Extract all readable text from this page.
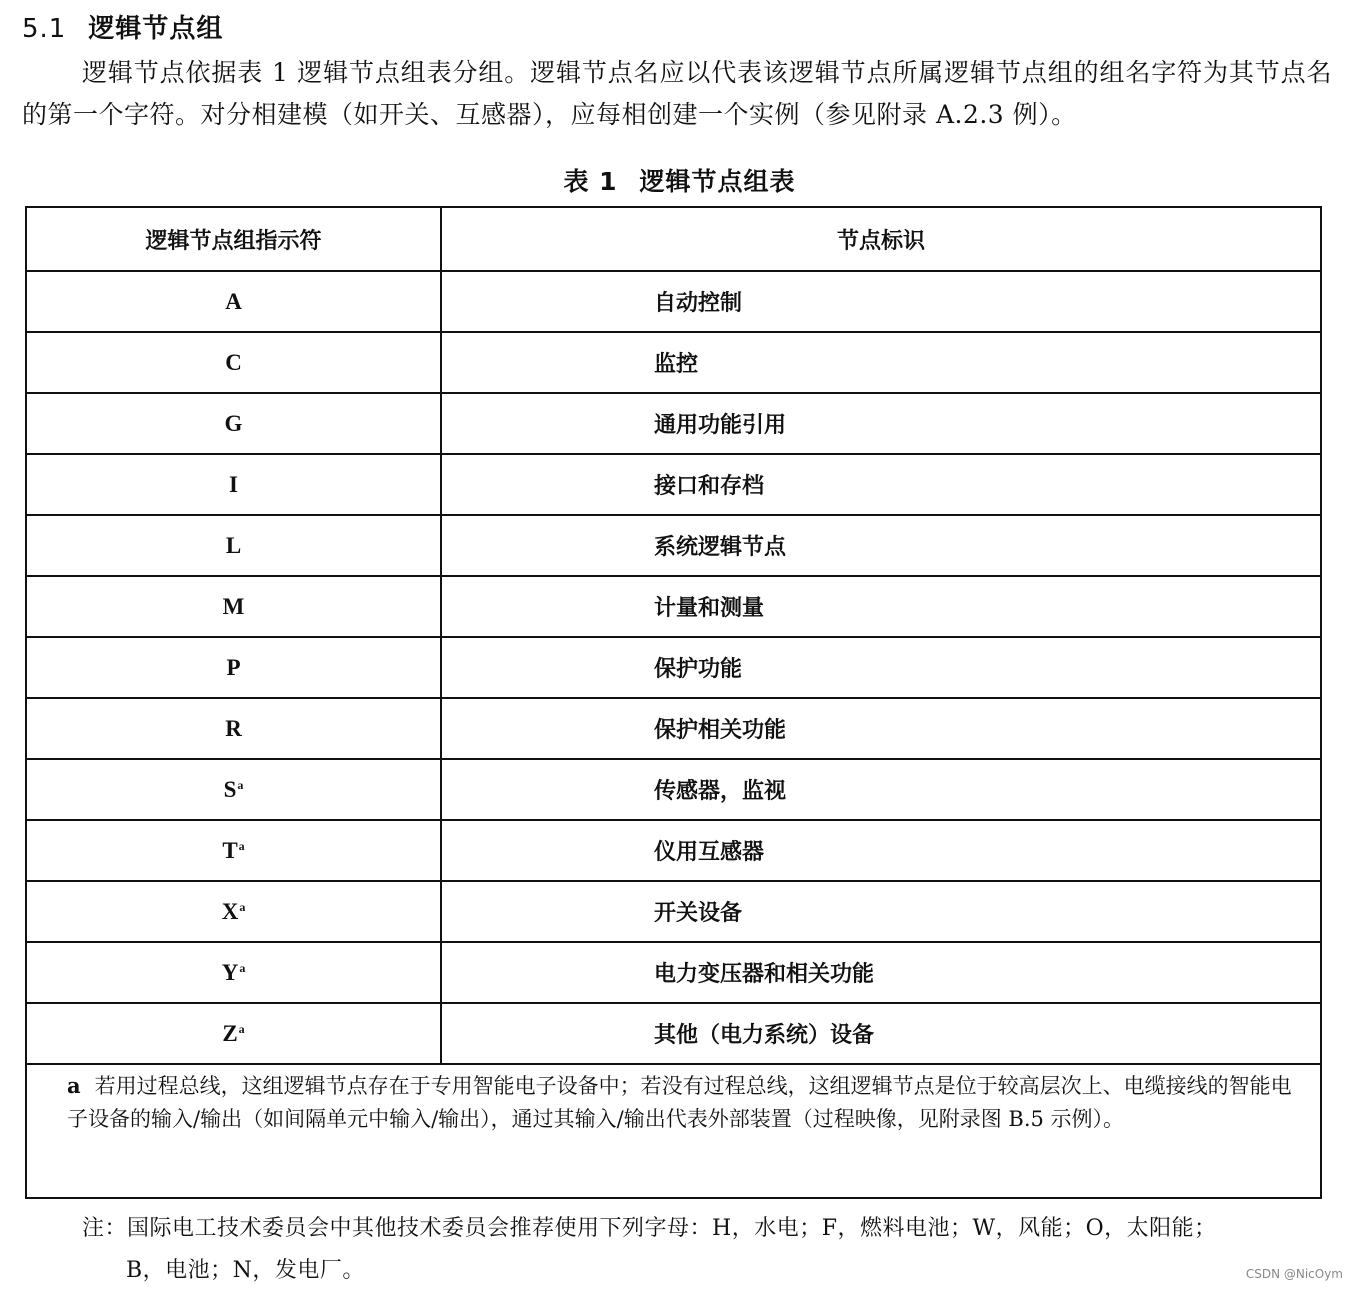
5.1 逻辑节点组
逻辑节点依据表 1 逻辑节点组表分组。逻辑节点名应以代表该逻辑节点所属逻辑节点组的组名字符为其节点名的第一个字符。对分相建模（如开关、互感器），应每相创建一个实例（参见附录 A.2.3 例）。
表 1 逻辑节点组表
逻辑节点组指示符	节点标识
A	自动控制
C	监控
G	通用功能引用
I	接口和存档
L	系统逻辑节点
M	计量和测量
P	保护功能
R	保护相关功能
$S^a$	传感器，监视
$T^a$	仪用互感器
$X^a$	开关设备
$Y^a$	电力变压器和相关功能
$Z^a$	其他（电力系统）设备
a 若用过程总线，这组逻辑节点存在于专用智能电子设备中；若没有过程总线，这组逻辑节点是位于较高层次上、电缆接线的智能电子设备的输入/输出（如间隔单元中输入/输出），通过其输入/输出代表外部装置（过程映像，见附录图 B.5 示例）。	
注：国际电工技术委员会中其他技术委员会推荐使用下列字母：H，水电；F，燃料电池；W，风能；O，太阳能；
B，电池；N，发电厂。	CSDN @NicOym
